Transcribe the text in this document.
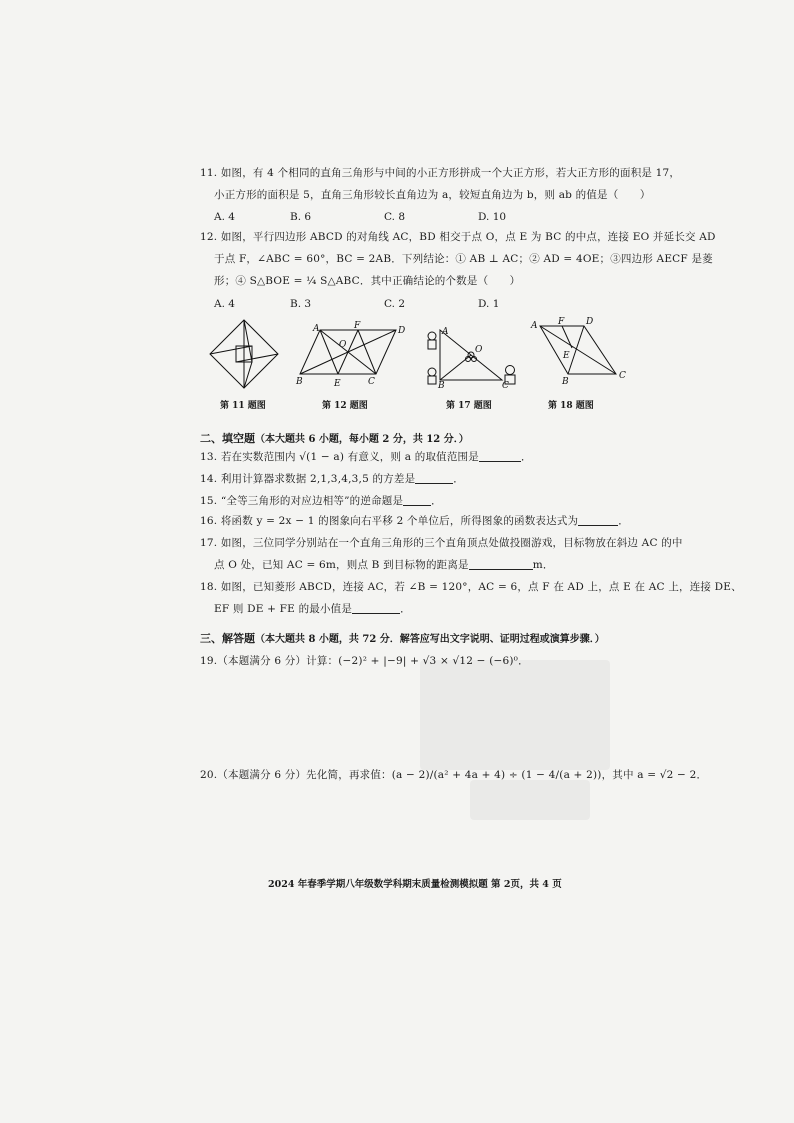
11. 如图，有 4 个相同的直角三角形与中间的小正方形拼成一个大正方形，若大正方形的面积是 17，
小正方形的面积是 5，直角三角形较长直角边为 a，较短直角边为 b，则 ab 的值是（　　）
A. 4	B. 6	C. 8	D. 10
12. 如图，平行四边形 ABCD 的对角线 AC，BD 相交于点 O，点 E 为 BC 的中点，连接 EO 并延长交 AD
于点 F，∠ABC = 60°，BC = 2AB．下列结论：① AB ⊥ AC；② AD = 4OE；③四边形 AECF 是菱
形；④ S△BOE = ¼ S△ABC．其中正确结论的个数是（　　）
A. 4	B. 3	C. 2	D. 1
第 11 题图
A	F	D
O
B	E	C
第 12 题图
A
O
B	C
第 17 题图
A F D
E
B
C
第 18 题图
二、填空题（本大题共 6 小题，每小题 2 分，共 12 分．）
13. 若在实数范围内 √(1 − a) 有意义，则 a 的取值范围是	．
14. 利用计算器求数据 2,1,3,4,3,5 的方差是	．
15. “全等三角形的对应边相等”的逆命题是	．
16. 将函数 y = 2x − 1 的图象向右平移 2 个单位后，所得图象的函数表达式为	．
17. 如图，三位同学分别站在一个直角三角形的三个直角顶点处做投圈游戏，目标物放在斜边 AC 的中
点 O 处，已知 AC = 6m，则点 B 到目标物的距离是	m．
18. 如图，已知菱形 ABCD，连接 AC，若 ∠B = 120°，AC = 6，点 F 在 AD 上，点 E 在 AC 上，连接 DE、
EF 则 DE + FE 的最小值是	．
三、解答题（本大题共 8 小题，共 72 分．解答应写出文字说明、证明过程或演算步骤．）
19.（本题满分 6 分）计算：(−2)² + |−9| + √3 × √12 − (−6)⁰．
20.（本题满分 6 分）先化简，再求值：(a − 2)/(a² + 4a + 4) ÷ (1 − 4/(a + 2))，其中 a = √2 − 2．
2024 年春季学期八年级数学科期末质量检测模拟题 第 2页，共 4 页
